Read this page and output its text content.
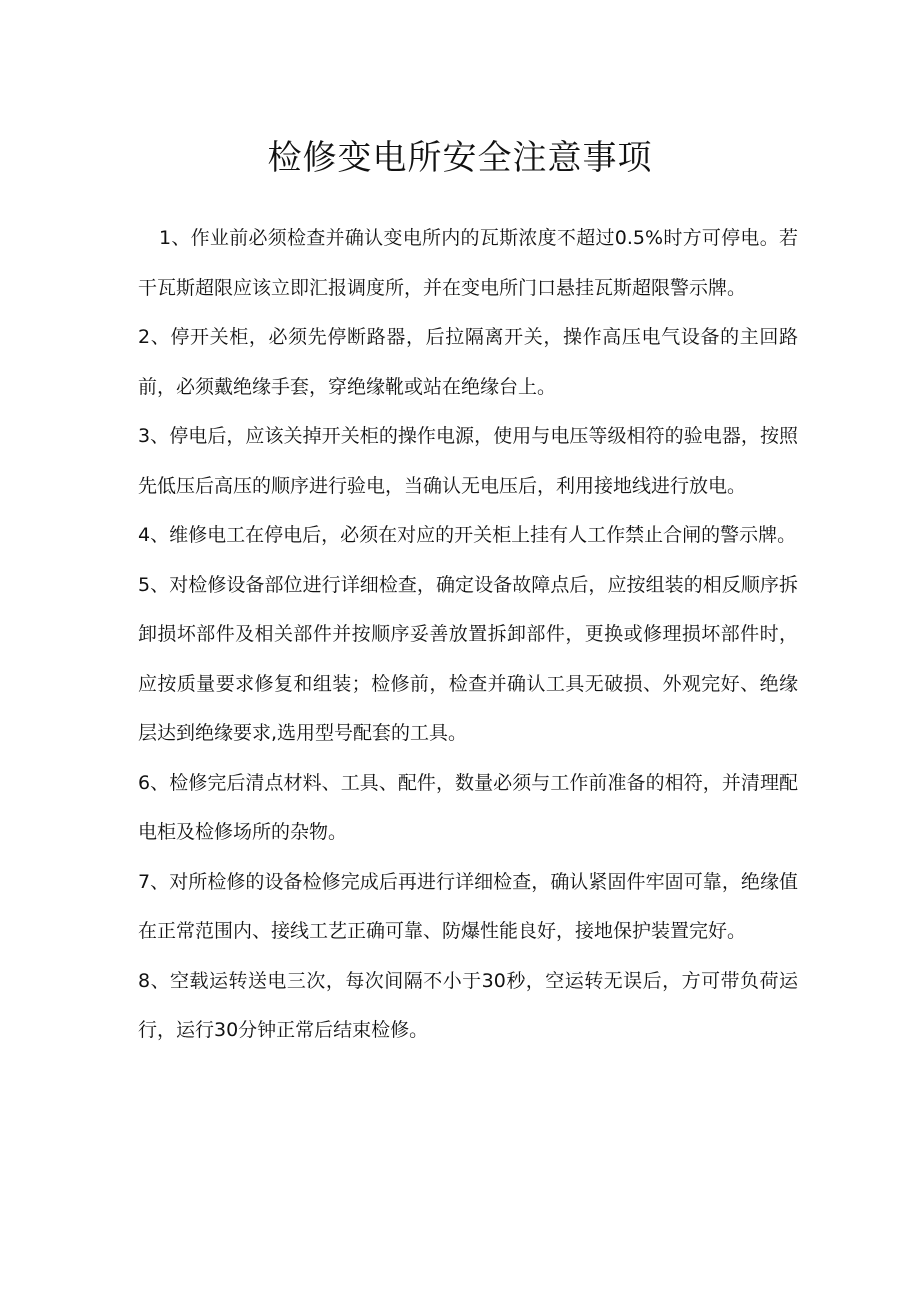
检修变电所安全注意事项

1、作业前必须检查并确认变电所内的瓦斯浓度不超过0.5%时方可停电。若干瓦斯超限应该立即汇报调度所，并在变电所门口悬挂瓦斯超限警示牌。

2、停开关柜，必须先停断路器，后拉隔离开关，操作高压电气设备的主回路前，必须戴绝缘手套，穿绝缘靴或站在绝缘台上。

3、停电后，应该关掉开关柜的操作电源，使用与电压等级相符的验电器，按照先低压后高压的顺序进行验电，当确认无电压后，利用接地线进行放电。

4、维修电工在停电后，必须在对应的开关柜上挂有人工作禁止合闸的警示牌。

5、对检修设备部位进行详细检查，确定设备故障点后，应按组装的相反顺序拆卸损坏部件及相关部件并按顺序妥善放置拆卸部件，更换或修理损坏部件时，应按质量要求修复和组装；检修前，检查并确认工具无破损、外观完好、绝缘层达到绝缘要求,选用型号配套的工具。

6、检修完后清点材料、工具、配件，数量必须与工作前准备的相符，并清理配电柜及检修场所的杂物。

7、对所检修的设备检修完成后再进行详细检查，确认紧固件牢固可靠，绝缘值在正常范围内、接线工艺正确可靠、防爆性能良好，接地保护装置完好。

8、空载运转送电三次，每次间隔不小于30秒，空运转无误后，方可带负荷运行，运行30分钟正常后结束检修。
